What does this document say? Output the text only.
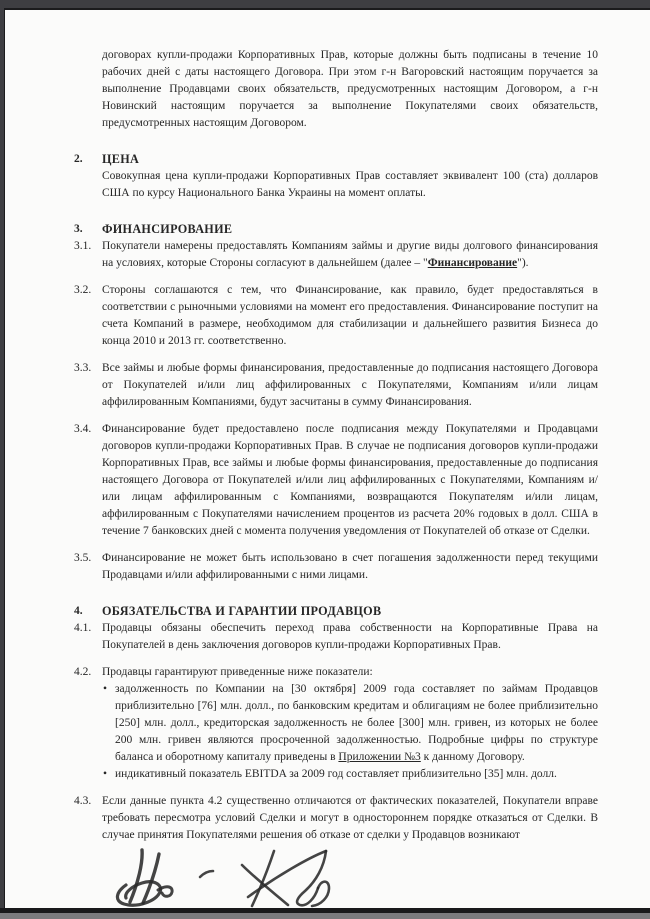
договорах купли-продажи Корпоративных Прав, которые должны быть подписаны в течение 10 рабочих дней с даты настоящего Договора. При этом г-н Вагоровский настоящим поручается за выполнение Продавцами своих обязательств, предусмотренных настоящим Договором, а г-н Новинский настоящим поручается за выполнение Покупателями своих обязательств, предусмотренных настоящим Договором.
2.	ЦЕНА
Совокупная цена купли-продажи Корпоративных Прав составляет эквивалент 100 (ста) долларов США по курсу Национального Банка Украины на момент оплаты.
3.	ФИНАНСИРОВАНИЕ
3.1. Покупатели намерены предоставлять Компаниям займы и другие виды долгового финансирования на условиях, которые Стороны согласуют в дальнейшем (далее – "Финансирование").
3.2. Стороны соглашаются с тем, что Финансирование, как правило, будет предоставляться в соответствии с рыночными условиями на момент его предоставления. Финансирование поступит на счета Компаний в размере, необходимом для стабилизации и дальнейшего развития Бизнеса до конца 2010 и 2013 гг. соответственно.
3.3. Все займы и любые формы финансирования, предоставленные до подписания настоящего Договора от Покупателей и/или лиц аффилированных с Покупателями, Компаниям и/или лицам аффилированным Компаниями, будут засчитаны в сумму Финансирования.
3.4. Финансирование будет предоставлено после подписания между Покупателями и Продавцами договоров купли-продажи Корпоративных Прав. В случае не подписания договоров купли-продажи Корпоративных Прав, все займы и любые формы финансирования, предоставленные до подписания настоящего Договора от Покупателей и/или лиц аффилированных с Покупателями, Компаниям и/или лицам аффилированным с Компаниями, возвращаются Покупателям и/или лицам, аффилированным с Покупателями начислением процентов из расчета 20% годовых в долл. США в течение 7 банковских дней с момента получения уведомления от Покупателей об отказе от Сделки.
3.5. Финансирование не может быть использовано в счет погашения задолженности перед текущими Продавцами и/или аффилированными с ними лицами.
4.	ОБЯЗАТЕЛЬСТВА И ГАРАНТИИ ПРОДАВЦОВ
4.1. Продавцы обязаны обеспечить переход права собственности на Корпоративные Права на Покупателей в день заключения договоров купли-продажи Корпоративных Прав.
4.2. Продавцы гарантируют приведенные ниже показатели:
• задолженность по Компании на [30 октября] 2009 года составляет по займам Продавцов приблизительно [76] млн. долл., по банковским кредитам и облигациям не более приблизительно [250] млн. долл., кредиторская задолженность не более [300] млн. гривен, из которых не более 200 млн. гривен являются просроченной задолженностью. Подробные цифры по структуре баланса и оборотному капиталу приведены в Приложении №3 к данному Договору.
• индикативный показатель EBITDA за 2009 год составляет приблизительно [35] млн. долл.
4.3. Если данные пункта 4.2 существенно отличаются от фактических показателей, Покупатели вправе требовать пересмотра условий Сделки и могут в одностороннем порядке отказаться от Сделки. В случае принятия Покупателями решения об отказе от сделки у Продавцов возникают
